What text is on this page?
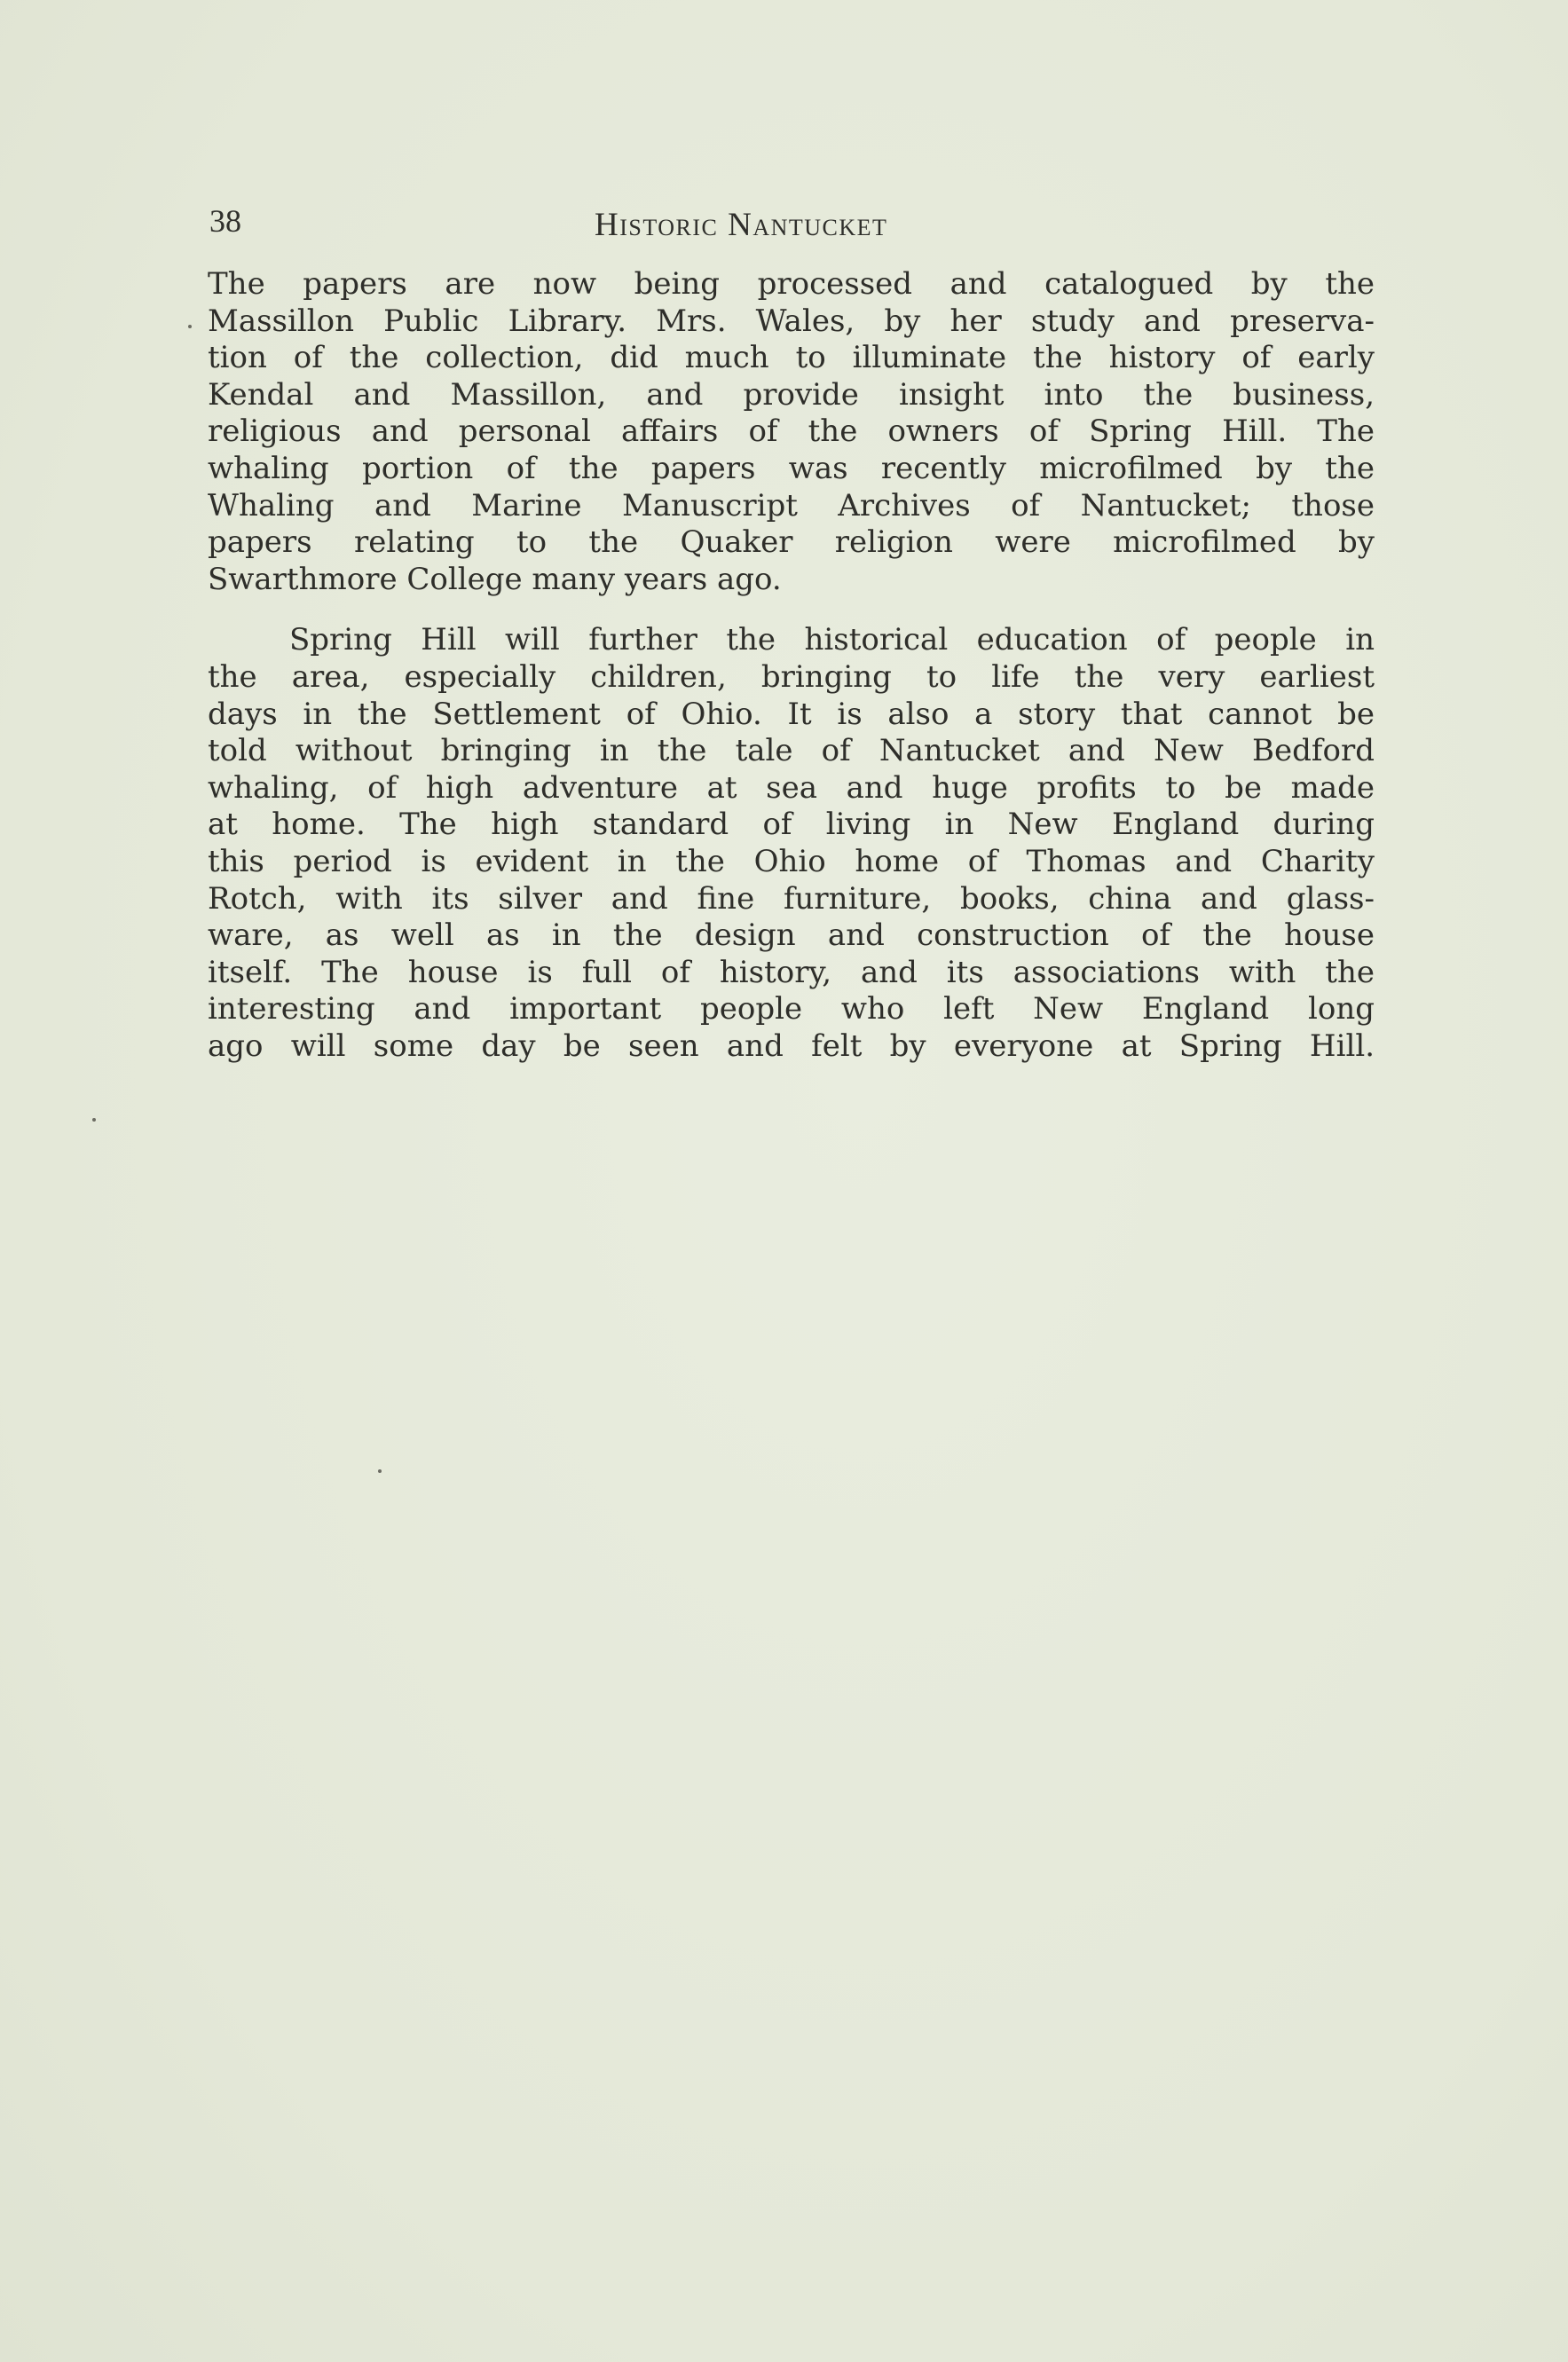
38	Historic Nantucket
The papers are now being processed and catalogued by the
Massillon Public Library. Mrs. Wales, by her study and preserva-
tion of the collection, did much to illuminate the history of early
Kendal and Massillon, and provide insight into the business,
religious and personal affairs of the owners of Spring Hill. The
whaling portion of the papers was recently microfilmed by the
Whaling and Marine Manuscript Archives of Nantucket; those
papers relating to the Quaker religion were microfilmed by
Swarthmore College many years ago.
Spring Hill will further the historical education of people in
the area, especially children, bringing to life the very earliest
days in the Settlement of Ohio. It is also a story that cannot be
told without bringing in the tale of Nantucket and New Bedford
whaling, of high adventure at sea and huge profits to be made
at home. The high standard of living in New England during
this period is evident in the Ohio home of Thomas and Charity
Rotch, with its silver and fine furniture, books, china and glass-
ware, as well as in the design and construction of the house
itself. The house is full of history, and its associations with the
interesting and important people who left New England long
ago will some day be seen and felt by everyone at Spring Hill.
